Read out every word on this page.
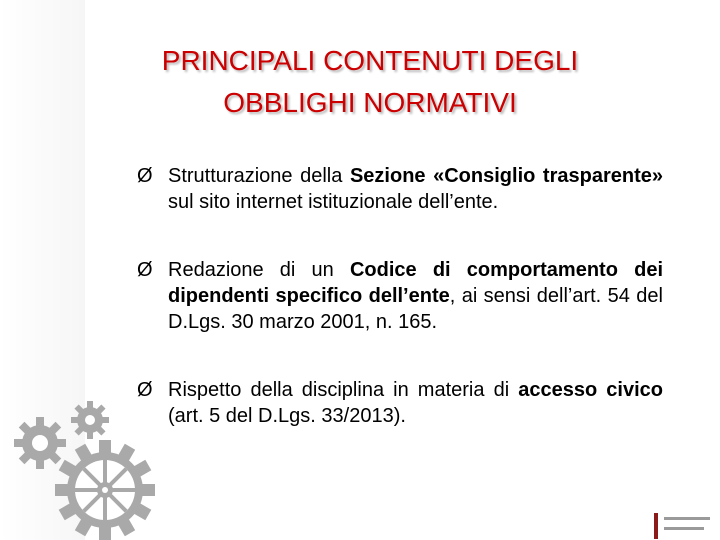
PRINCIPALI CONTENUTI DEGLI
OBBLIGHI NORMATIVI

Ø Strutturazione della Sezione «Consiglio trasparente» sul sito internet istituzionale dell’ente.

Ø Redazione di un Codice di comportamento dei dipendenti specifico dell’ente, ai sensi dell’art. 54 del D.Lgs. 30 marzo 2001, n. 165.

Ø Rispetto della disciplina in materia di accesso civico (art. 5 del D.Lgs. 33/2013).
